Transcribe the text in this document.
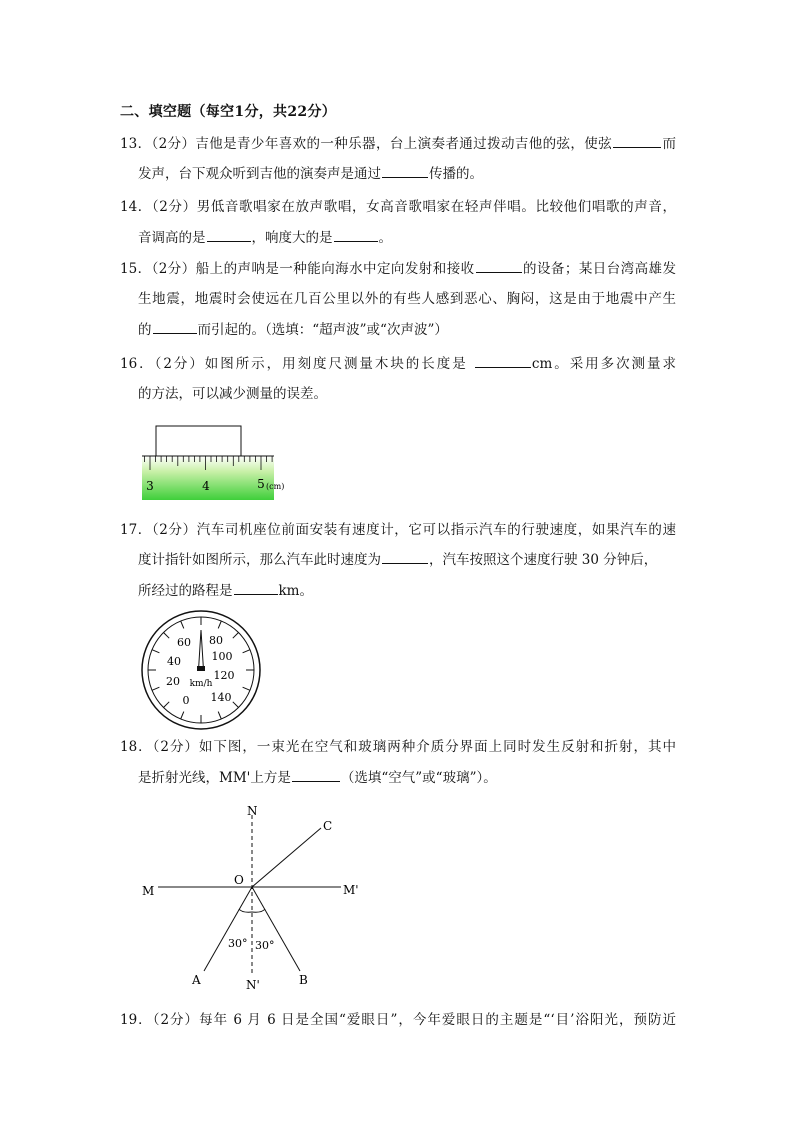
二、填空题（每空1分，共22分）
13．（2分）吉他是青少年喜欢的一种乐器，台上演奏者通过拨动吉他的弦，使弦	而
发声，台下观众听到吉他的演奏声是通过	传播的。
14．（2分）男低音歌唱家在放声歌唱，女高音歌唱家在轻声伴唱。比较他们唱歌的声音，
音调高的是	，响度大的是	。
15．（2分）船上的声呐是一种能向海水中定向发射和接收	的设备；某日台湾高雄发
生地震，地震时会使远在几百公里以外的有些人感到恶心、胸闷，这是由于地震中产生
的	而引起的。（选填：“超声波”或“次声波”）
16．（2分）如图所示，用刻度尺测量木块的长度是	cm。采用多次测量求
的方法，可以减少测量的误差。
3	4	5 (cm)
17．（2分）汽车司机座位前面安装有速度计，它可以指示汽车的行驶速度，如果汽车的速
度计指针如图所示，那么汽车此时速度为	，汽车按照这个速度行驶 30 分钟后，
所经过的路程是	km。
0
20
40
60 80
100
120
140
km/h
18．（2分）如下图，一束光在空气和玻璃两种介质分界面上同时发生反射和折射，其中
是折射光线，MM'上方是	（选填“空气”或“玻璃”）。
N
C
O
M	M'
30° 30°
A	N'	B
19．（2分）每年 6 月 6 日是全国“爱眼日”，今年爱眼日的主题是“‘目’浴阳光，预防近
